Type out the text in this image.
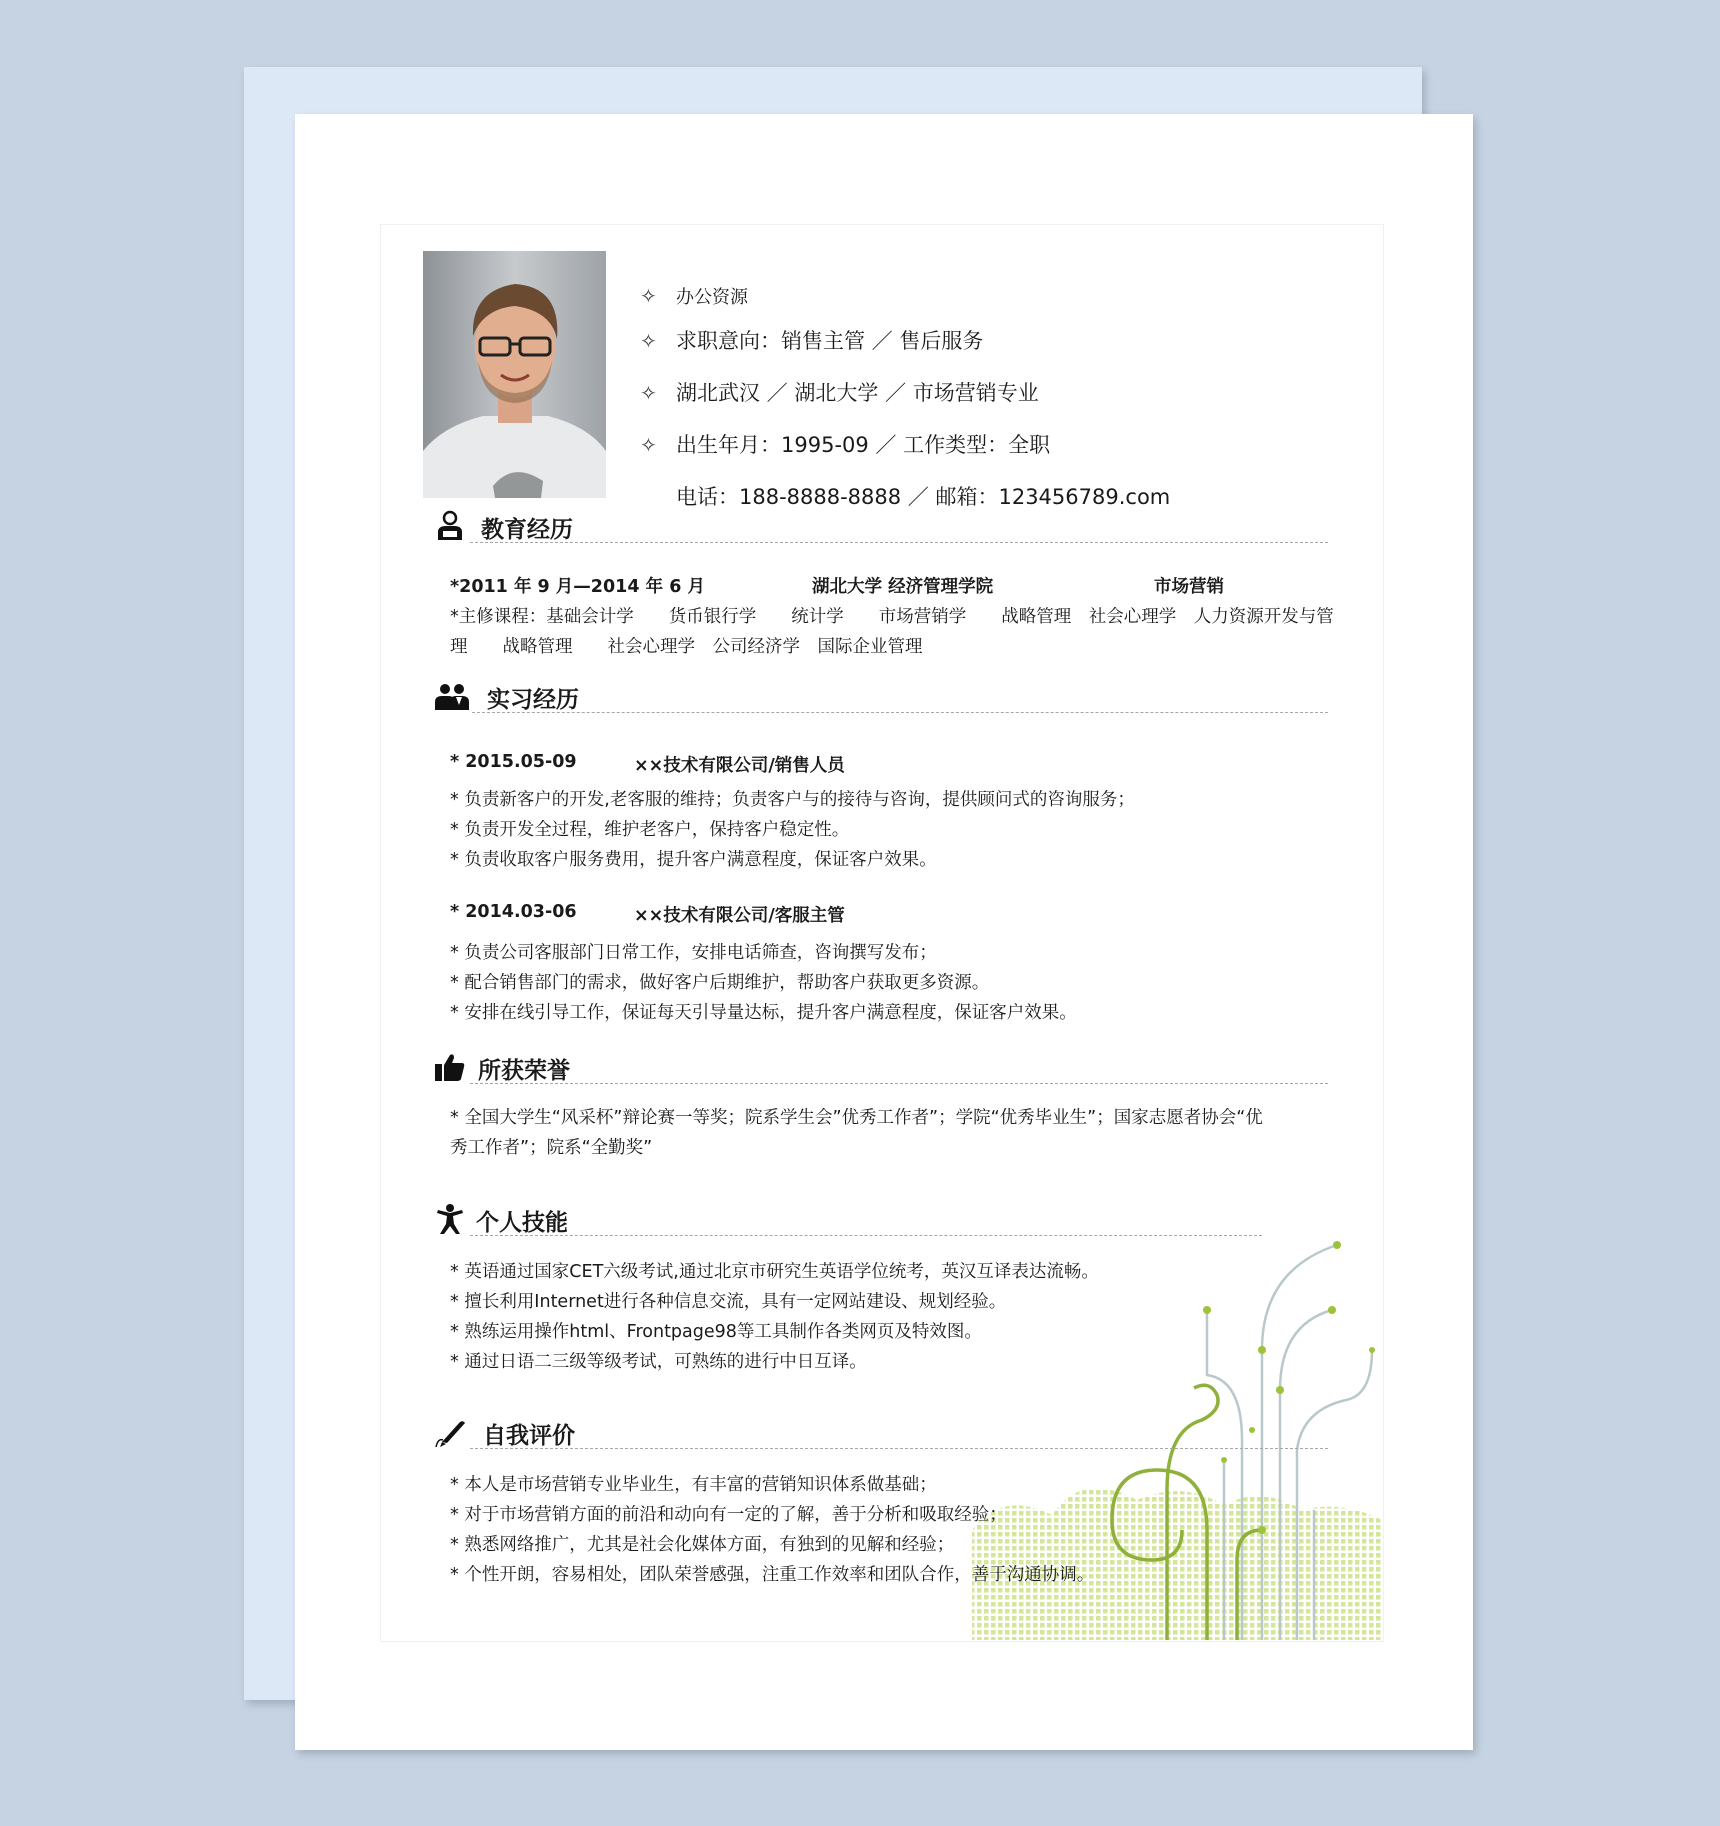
✧ 办公资源
✧ 求职意向：销售主管 ／ 售后服务
✧ 湖北武汉 ／ 湖北大学 ／ 市场营销专业
✧ 出生年月：1995-09 ／ 工作类型：全职
电话：188-8888-8888 ／ 邮箱：123456789.com
教育经历
*2011 年 9 月—2014 年 6 月	湖北大学 经济管理学院	市场营销
*主修课程：基础会计学　　货币银行学　　统计学　　市场营销学　　战略管理　社会心理学　人力资源开发与管
理　　战略管理　　社会心理学　公司经济学　国际企业管理
实习经历
* 2015.05-09	××技术有限公司/销售人员
* 负责新客户的开发,老客服的维持；负责客户与的接待与咨询，提供顾问式的咨询服务；
* 负责开发全过程，维护老客户，保持客户稳定性。
* 负责收取客户服务费用，提升客户满意程度，保证客户效果。
* 2014.03-06	××技术有限公司/客服主管
* 负责公司客服部门日常工作，安排电话筛查，咨询撰写发布；
* 配合销售部门的需求，做好客户后期维护，帮助客户获取更多资源。
* 安排在线引导工作，保证每天引导量达标，提升客户满意程度，保证客户效果。
所获荣誉
* 全国大学生“风采杯”辩论赛一等奖；院系学生会”优秀工作者”；学院“优秀毕业生”；国家志愿者协会“优
秀工作者”；院系“全勤奖”
个人技能
* 英语通过国家CET六级考试,通过北京市研究生英语学位统考，英汉互译表达流畅。
* 擅长利用Internet进行各种信息交流，具有一定网站建设、规划经验。
* 熟练运用操作html、Frontpage98等工具制作各类网页及特效图。
* 通过日语二三级等级考试，可熟练的进行中日互译。
自我评价
* 本人是市场营销专业毕业生，有丰富的营销知识体系做基础；
* 对于市场营销方面的前沿和动向有一定的了解，善于分析和吸取经验；
* 熟悉网络推广，尤其是社会化媒体方面，有独到的见解和经验；
* 个性开朗，容易相处，团队荣誉感强，注重工作效率和团队合作，善于沟通协调。
